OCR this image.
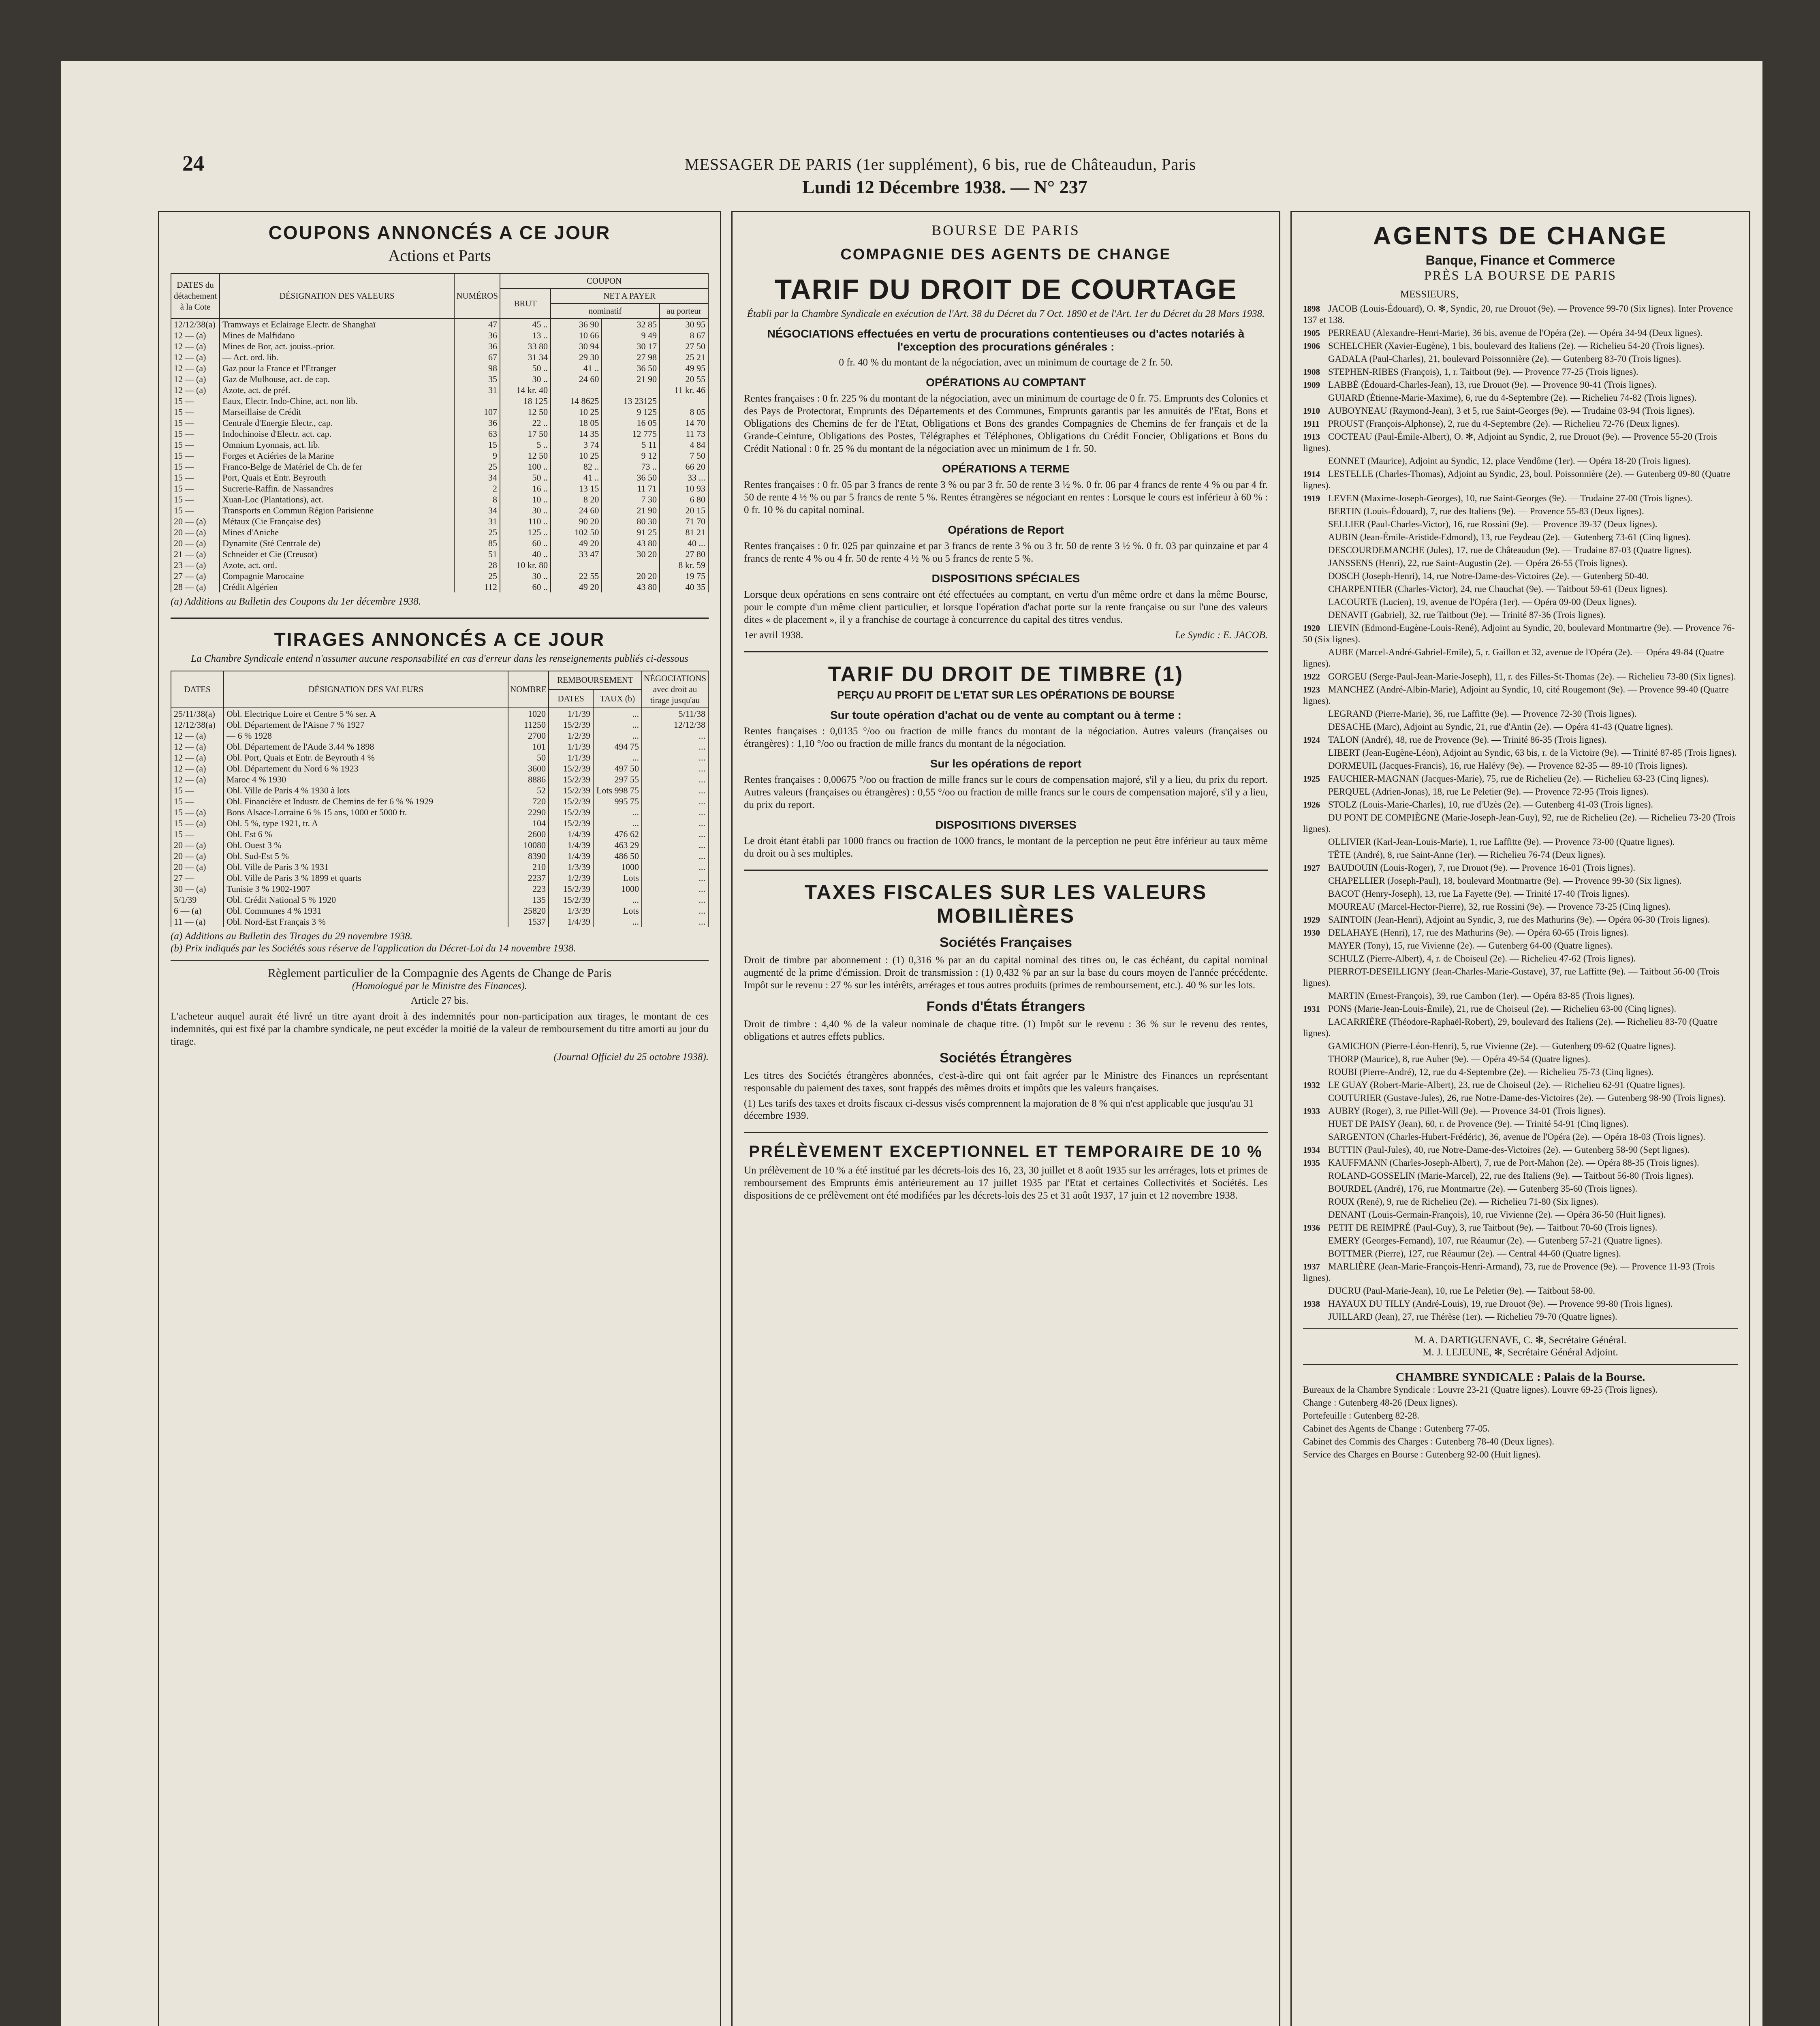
24	MESSAGER DE PARIS (1er supplément), 6 bis, rue de Châteaudun, Paris
Lundi 12 Décembre 1938. — N° 237
COUPONS ANNONCÉS A CE JOUR
Actions et Parts
DATES du détachement à la Cote	DÉSIGNATION DES VALEURS	NUMÉROS	COUPON			
			BRUT	NET A PAYER		
				nominatif		au porteur
12/12/38(a)	Tramways et Eclairage Electr. de Shanghaï	47	45 ..	36 90	32 85	30 95
12 — (a)	Mines de Malfidano	36	13 ..	10 66	9 49	8 67
12 — (a)	Mines de Bor, act. jouiss.-prior.	36	33 80	30 94	30 17	27 50
12 — (a)	— Act. ord. lib.	67	31 34	29 30	27 98	25 21
12 — (a)	Gaz pour la France et l'Etranger	98	50 ..	41 ..	36 50	49 95
12 — (a)	Gaz de Mulhouse, act. de cap.	35	30 ..	24 60	21 90	20 55
12 — (a)	Azote, act. de préf.	31	14 kr. 40			11 kr. 46
15 —	Eaux, Electr. Indo-Chine, act. non lib.		18 125	14 8625	13 23125	
15 —	Marseillaise de Crédit	107	12 50	10 25	9 125	8 05
15 —	Centrale d'Energie Electr., cap.	36	22 ..	18 05	16 05	14 70
15 —	Indochinoise d'Electr. act. cap.	63	17 50	14 35	12 775	11 73
15 —	Omnium Lyonnais, act. lib.	15	5 ..	3 74	5 11	4 84
15 —	Forges et Aciéries de la Marine	9	12 50	10 25	9 12	7 50
15 —	Franco-Belge de Matériel de Ch. de fer	25	100 ..	82 ..	73 ..	66 20
15 —	Port, Quais et Entr. Beyrouth	34	50 ..	41 ..	36 50	33 ...
15 —	Sucrerie-Raffin. de Nassandres	2	16 ..	13 15	11 71	10 93
15 —	Xuan-Loc (Plantations), act.	8	10 ..	8 20	7 30	6 80
15 —	Transports en Commun Région Parisienne	34	30 ..	24 60	21 90	20 15
20 — (a)	Métaux (Cie Française des)	31	110 ..	90 20	80 30	71 70
20 — (a)	Mines d'Aniche	25	125 ..	102 50	91 25	81 21
20 — (a)	Dynamite (Sté Centrale de)	85	60 ..	49 20	43 80	40 ...
21 — (a)	Schneider et Cie (Creusot)	51	40 ..	33 47	30 20	27 80
23 — (a)	Azote, act. ord.	28	10 kr. 80			8 kr. 59
27 — (a)	Compagnie Marocaine	25	30 ..	22 55	20 20	19 75
28 — (a)	Crédit Algérien	112	60 ..	49 20	43 80	40 35
(a) Additions au Bulletin des Coupons du 1er décembre 1938.
TIRAGES ANNONCÉS A CE JOUR
La Chambre Syndicale entend n'assumer aucune responsabilité en cas d'erreur dans les renseignements publiés ci-dessous
DATES	DÉSIGNATION DES VALEURS	NOMBRE	REMBOURSEMENT		NÉGOCIATIONS avec droit au tirage jusqu'au
			DATES	TAUX (b)	
25/11/38(a)	Obl. Electrique Loire et Centre 5 % ser. A	1020	1/1/39	...	5/11/38
12/12/38(a)	Obl. Département de l'Aisne 7 % 1927	11250	15/2/39	...	12/12/38
12 — (a)	— 6 % 1928	2700	1/2/39	...	...
12 — (a)	Obl. Département de l'Aude 3.44 % 1898	101	1/1/39	494 75	...
12 — (a)	Obl. Port, Quais et Entr. de Beyrouth 4 %	50	1/1/39	...	...
12 — (a)	Obl. Département du Nord 6 % 1923	3600	15/2/39	497 50	...
12 — (a)	Maroc 4 % 1930	8886	15/2/39	297 55	...
15 —	Obl. Ville de Paris 4 % 1930 à lots	52	15/2/39	Lots 998 75	...
15 —	Obl. Financière et Industr. de Chemins de fer 6 % % 1929	720	15/2/39	995 75	...
15 — (a)	Bons Alsace-Lorraine 6 % 15 ans, 1000 et 5000 fr.	2290	15/2/39	...	...
15 — (a)	Obl. 5 %, type 1921, tr. A	104	15/2/39	...	...
15 —	Obl. Est 6 %	2600	1/4/39	476 62	...
20 — (a)	Obl. Ouest 3 %	10080	1/4/39	463 29	...
20 — (a)	Obl. Sud-Est 5 %	8390	1/4/39	486 50	...
20 — (a)	Obl. Ville de Paris 3 % 1931	210	1/3/39	1000	...
27 —	Obl. Ville de Paris 3 % 1899 et quarts	2237	1/2/39	Lots	...
30 — (a)	Tunisie 3 % 1902-1907	223	15/2/39	1000	...
5/1/39	Obl. Crédit National 5 % 1920	135	15/2/39	...	...
6 — (a)	Obl. Communes 4 % 1931	25820	1/3/39	Lots	...
11 — (a)	Obl. Nord-Est Français 3 %	1537	1/4/39	...	...
(a) Additions au Bulletin des Tirages du 29 novembre 1938.
(b) Prix indiqués par les Sociétés sous réserve de l'application du Décret-Loi du 14 novembre 1938.
Règlement particulier de la Compagnie des Agents de Change de Paris
(Homologué par le Ministre des Finances).
Article 27 bis.
L'acheteur auquel aurait été livré un titre ayant droit à des indemnités pour non-participation aux tirages, le montant de ces indemnités, qui est fixé par la chambre syndicale, ne peut excéder la moitié de la valeur de remboursement du titre amorti au jour du tirage.
(Journal Officiel du 25 octobre 1938).
BOURSE DE PARIS
COMPAGNIE DES AGENTS DE CHANGE
TARIF DU DROIT DE COURTAGE
Établi par la Chambre Syndicale en exécution de l'Art. 38 du Décret du 7 Oct. 1890 et de l'Art. 1er du Décret du 28 Mars 1938.
NÉGOCIATIONS effectuées en vertu de procurations contentieuses ou d'actes notariés à l'exception des procurations générales :
0 fr. 40 % du montant de la négociation, avec un minimum de courtage de 2 fr. 50.
OPÉRATIONS AU COMPTANT
Rentes françaises : 0 fr. 225 % du montant de la négociation, avec un minimum de courtage de 0 fr. 75. Emprunts des Colonies et des Pays de Protectorat, Emprunts des Départements et des Communes, Emprunts garantis par les annuités de l'Etat, Bons et Obligations des Chemins de fer de l'Etat, Obligations et Bons des grandes Compagnies de Chemins de fer français et de la Grande-Ceinture, Obligations des Postes, Télégraphes et Téléphones, Obligations du Crédit Foncier, Obligations et Bons du Crédit National : 0 fr. 25 % du montant de la négociation avec un minimum de 1 fr. 50.
OPÉRATIONS A TERME
Rentes françaises : 0 fr. 05 par 3 francs de rente 3 % ou par 3 fr. 50 de rente 3 ½ %. 0 fr. 06 par 4 francs de rente 4 % ou par 4 fr. 50 de rente 4 ½ % ou par 5 francs de rente 5 %. Rentes étrangères se négociant en rentes : Lorsque le cours est inférieur à 60 % : 0 fr. 10 % du capital nominal.
Opérations de Report
Rentes françaises : 0 fr. 025 par quinzaine et par 3 francs de rente 3 % ou 3 fr. 50 de rente 3 ½ %. 0 fr. 03 par quinzaine et par 4 francs de rente 4 % ou 4 fr. 50 de rente 4 ½ % ou 5 francs de rente 5 %.
DISPOSITIONS SPÉCIALES
Lorsque deux opérations en sens contraire ont été effectuées au comptant, en vertu d'un même ordre et dans la même Bourse, pour le compte d'un même client particulier, et lorsque l'opération d'achat porte sur la rente française ou sur l'une des valeurs dites « de placement », il y a franchise de courtage à concurrence du capital des titres vendus.
1er avril 1938.	Le Syndic : E. JACOB.
TARIF DU DROIT DE TIMBRE (1)
PERÇU AU PROFIT DE L'ETAT SUR LES OPÉRATIONS DE BOURSE
Sur toute opération d'achat ou de vente au comptant ou à terme :
Rentes françaises : 0,0135 °/oo ou fraction de mille francs du montant de la négociation. Autres valeurs (françaises ou étrangères) : 1,10 °/oo ou fraction de mille francs du montant de la négociation.
Sur les opérations de report
Rentes françaises : 0,00675 °/oo ou fraction de mille francs sur le cours de compensation majoré, s'il y a lieu, du prix du report. Autres valeurs (françaises ou étrangères) : 0,55 °/oo ou fraction de mille francs sur le cours de compensation majoré, s'il y a lieu, du prix du report.
DISPOSITIONS DIVERSES
Le droit étant établi par 1000 francs ou fraction de 1000 francs, le montant de la perception ne peut être inférieur au taux même du droit ou à ses multiples.
TAXES FISCALES SUR LES VALEURS MOBILIÈRES
Sociétés Françaises
Droit de timbre par abonnement : (1) 0,316 % par an du capital nominal des titres ou, le cas échéant, du capital nominal augmenté de la prime d'émission. Droit de transmission : (1) 0,432 % par an sur la base du cours moyen de l'année précédente. Impôt sur le revenu : 27 % sur les intérêts, arrérages et tous autres produits (primes de remboursement, etc.). 40 % sur les lots.
Fonds d'États Étrangers
Droit de timbre : 4,40 % de la valeur nominale de chaque titre. (1) Impôt sur le revenu : 36 % sur le revenu des rentes, obligations et autres effets publics.
Sociétés Étrangères
Les titres des Sociétés étrangères abonnées, c'est-à-dire qui ont fait agréer par le Ministre des Finances un représentant responsable du paiement des taxes, sont frappés des mêmes droits et impôts que les valeurs françaises.
(1) Les tarifs des taxes et droits fiscaux ci-dessus visés comprennent la majoration de 8 % qui n'est applicable que jusqu'au 31 décembre 1939.
PRÉLÈVEMENT EXCEPTIONNEL ET TEMPORAIRE DE 10 %
Un prélèvement de 10 % a été institué par les décrets-lois des 16, 23, 30 juillet et 8 août 1935 sur les arrérages, lots et primes de remboursement des Emprunts émis antérieurement au 17 juillet 1935 par l'Etat et certaines Collectivités et Sociétés. Les dispositions de ce prélèvement ont été modifiées par les décrets-lois des 25 et 31 août 1937, 17 juin et 12 novembre 1938.
AGENTS DE CHANGE
Banque, Finance et Commerce
PRÈS LA BOURSE DE PARIS
MESSIEURS,
1898 JACOB (Louis-Édouard), O. ✻, Syndic, 20, rue Drouot (9e). — Provence 99-70 (Six lignes). Inter Provence 137 et 138.
1905 PERREAU (Alexandre-Henri-Marie), 36 bis, avenue de l'Opéra (2e). — Opéra 34-94 (Deux lignes).
1906 SCHELCHER (Xavier-Eugène), 1 bis, boulevard des Italiens (2e). — Richelieu 54-20 (Trois lignes).
GADALA (Paul-Charles), 21, boulevard Poissonnière (2e). — Gutenberg 83-70 (Trois lignes).
1908 STEPHEN-RIBES (François), 1, r. Taitbout (9e). — Provence 77-25 (Trois lignes).
1909 LABBÉ (Édouard-Charles-Jean), 13, rue Drouot (9e). — Provence 90-41 (Trois lignes).
GUIARD (Étienne-Marie-Maxime), 6, rue du 4-Septembre (2e). — Richelieu 74-82 (Trois lignes).
1910 AUBOYNEAU (Raymond-Jean), 3 et 5, rue Saint-Georges (9e). — Trudaine 03-94 (Trois lignes).
1911 PROUST (François-Alphonse), 2, rue du 4-Septembre (2e). — Richelieu 72-76 (Deux lignes).
1913 COCTEAU (Paul-Émile-Albert), O. ✻, Adjoint au Syndic, 2, rue Drouot (9e). — Provence 55-20 (Trois lignes).
EONNET (Maurice), Adjoint au Syndic, 12, place Vendôme (1er). — Opéra 18-20 (Trois lignes).
1914 LESTELLE (Charles-Thomas), Adjoint au Syndic, 23, boul. Poissonnière (2e). — Gutenberg 09-80 (Quatre lignes).
1919 LEVEN (Maxime-Joseph-Georges), 10, rue Saint-Georges (9e). — Trudaine 27-00 (Trois lignes).
BERTIN (Louis-Édouard), 7, rue des Italiens (9e). — Provence 55-83 (Deux lignes).
SELLIER (Paul-Charles-Victor), 16, rue Rossini (9e). — Provence 39-37 (Deux lignes).
AUBIN (Jean-Émile-Aristide-Edmond), 13, rue Feydeau (2e). — Gutenberg 73-61 (Cinq lignes).
DESCOURDEMANCHE (Jules), 17, rue de Châteaudun (9e). — Trudaine 87-03 (Quatre lignes).
JANSSENS (Henri), 22, rue Saint-Augustin (2e). — Opéra 26-55 (Trois lignes).
DOSCH (Joseph-Henri), 14, rue Notre-Dame-des-Victoires (2e). — Gutenberg 50-40.
CHARPENTIER (Charles-Victor), 24, rue Chauchat (9e). — Taitbout 59-61 (Deux lignes).
LACOURTE (Lucien), 19, avenue de l'Opéra (1er). — Opéra 09-00 (Deux lignes).
DENAVIT (Gabriel), 32, rue Taitbout (9e). — Trinité 87-36 (Trois lignes).
1920 LIEVIN (Edmond-Eugène-Louis-René), Adjoint au Syndic, 20, boulevard Montmartre (9e). — Provence 76-50 (Six lignes).
AUBE (Marcel-André-Gabriel-Emile), 5, r. Gaillon et 32, avenue de l'Opéra (2e). — Opéra 49-84 (Quatre lignes).
1922 GORGEU (Serge-Paul-Jean-Marie-Joseph), 11, r. des Filles-St-Thomas (2e). — Richelieu 73-80 (Six lignes).
1923 MANCHEZ (André-Albin-Marie), Adjoint au Syndic, 10, cité Rougemont (9e). — Provence 99-40 (Quatre lignes).
LEGRAND (Pierre-Marie), 36, rue Laffitte (9e). — Provence 72-30 (Trois lignes).
DESACHE (Marc), Adjoint au Syndic, 21, rue d'Antin (2e). — Opéra 41-43 (Quatre lignes).
1924 TALON (André), 48, rue de Provence (9e). — Trinité 86-35 (Trois lignes).
LIBERT (Jean-Eugène-Léon), Adjoint au Syndic, 63 bis, r. de la Victoire (9e). — Trinité 87-85 (Trois lignes).
DORMEUIL (Jacques-Francis), 16, rue Halévy (9e). — Provence 82-35 — 89-10 (Trois lignes).
1925 FAUCHIER-MAGNAN (Jacques-Marie), 75, rue de Richelieu (2e). — Richelieu 63-23 (Cinq lignes).
PERQUEL (Adrien-Jonas), 18, rue Le Peletier (9e). — Provence 72-95 (Trois lignes).
1926 STOLZ (Louis-Marie-Charles), 10, rue d'Uzès (2e). — Gutenberg 41-03 (Trois lignes).
DU PONT DE COMPIÈGNE (Marie-Joseph-Jean-Guy), 92, rue de Richelieu (2e). — Richelieu 73-20 (Trois lignes).
OLLIVIER (Karl-Jean-Louis-Marie), 1, rue Laffitte (9e). — Provence 73-00 (Quatre lignes).
TÊTE (André), 8, rue Saint-Anne (1er). — Richelieu 76-74 (Deux lignes).
1927 BAUDOUIN (Louis-Roger), 7, rue Drouot (9e). — Provence 16-01 (Trois lignes).
CHAPELLIER (Joseph-Paul), 18, boulevard Montmartre (9e). — Provence 99-30 (Six lignes).
BACOT (Henry-Joseph), 13, rue La Fayette (9e). — Trinité 17-40 (Trois lignes).
MOUREAU (Marcel-Hector-Pierre), 32, rue Rossini (9e). — Provence 73-25 (Cinq lignes).
1929 SAINTOIN (Jean-Henri), Adjoint au Syndic, 3, rue des Mathurins (9e). — Opéra 06-30 (Trois lignes).
1930 DELAHAYE (Henri), 17, rue des Mathurins (9e). — Opéra 60-65 (Trois lignes).
MAYER (Tony), 15, rue Vivienne (2e). — Gutenberg 64-00 (Quatre lignes).
SCHULZ (Pierre-Albert), 4, r. de Choiseul (2e). — Richelieu 47-62 (Trois lignes).
PIERROT-DESEILLIGNY (Jean-Charles-Marie-Gustave), 37, rue Laffitte (9e). — Taitbout 56-00 (Trois lignes).
MARTIN (Ernest-François), 39, rue Cambon (1er). — Opéra 83-85 (Trois lignes).
1931 PONS (Marie-Jean-Louis-Émile), 21, rue de Choiseul (2e). — Richelieu 63-00 (Cinq lignes).
LACARRIÈRE (Théodore-Raphaël-Robert), 29, boulevard des Italiens (2e). — Richelieu 83-70 (Quatre lignes).
GAMICHON (Pierre-Léon-Henri), 5, rue Vivienne (2e). — Gutenberg 09-62 (Quatre lignes).
THORP (Maurice), 8, rue Auber (9e). — Opéra 49-54 (Quatre lignes).
ROUBI (Pierre-André), 12, rue du 4-Septembre (2e). — Richelieu 75-73 (Cinq lignes).
1932 LE GUAY (Robert-Marie-Albert), 23, rue de Choiseul (2e). — Richelieu 62-91 (Quatre lignes).
COUTURIER (Gustave-Jules), 26, rue Notre-Dame-des-Victoires (2e). — Gutenberg 98-90 (Trois lignes).
1933 AUBRY (Roger), 3, rue Pillet-Will (9e). — Provence 34-01 (Trois lignes).
HUET DE PAISY (Jean), 60, r. de Provence (9e). — Trinité 54-91 (Cinq lignes).
SARGENTON (Charles-Hubert-Frédéric), 36, avenue de l'Opéra (2e). — Opéra 18-03 (Trois lignes).
1934 BUTTIN (Paul-Jules), 40, rue Notre-Dame-des-Victoires (2e). — Gutenberg 58-90 (Sept lignes).
1935 KAUFFMANN (Charles-Joseph-Albert), 7, rue de Port-Mahon (2e). — Opéra 88-35 (Trois lignes).
ROLAND-GOSSELIN (Marie-Marcel), 22, rue des Italiens (9e). — Taitbout 56-80 (Trois lignes).
BOURDEL (André), 176, rue Montmartre (2e). — Gutenberg 35-60 (Trois lignes).
ROUX (René), 9, rue de Richelieu (2e). — Richelieu 71-80 (Six lignes).
DENANT (Louis-Germain-François), 10, rue Vivienne (2e). — Opéra 36-50 (Huit lignes).
1936 PETIT DE REIMPRÉ (Paul-Guy), 3, rue Taitbout (9e). — Taitbout 70-60 (Trois lignes).
EMERY (Georges-Fernand), 107, rue Réaumur (2e). — Gutenberg 57-21 (Quatre lignes).
BOTTMER (Pierre), 127, rue Réaumur (2e). — Central 44-60 (Quatre lignes).
1937 MARLIÈRE (Jean-Marie-François-Henri-Armand), 73, rue de Provence (9e). — Provence 11-93 (Trois lignes).
DUCRU (Paul-Marie-Jean), 10, rue Le Peletier (9e). — Taitbout 58-00.
1938 HAYAUX DU TILLY (André-Louis), 19, rue Drouot (9e). — Provence 99-80 (Trois lignes).
JUILLARD (Jean), 27, rue Thérèse (1er). — Richelieu 79-70 (Quatre lignes).
M. A. DARTIGUENAVE, C. ✻, Secrétaire Général.
M. J. LEJEUNE, ✻, Secrétaire Général Adjoint.
CHAMBRE SYNDICALE : Palais de la Bourse.
Bureaux de la Chambre Syndicale : Louvre 23-21 (Quatre lignes). Louvre 69-25 (Trois lignes).
Change : Gutenberg 48-26 (Deux lignes).
Portefeuille : Gutenberg 82-28.
Cabinet des Agents de Change : Gutenberg 77-05.
Cabinet des Commis des Charges : Gutenberg 78-40 (Deux lignes).
Service des Charges en Bourse : Gutenberg 92-00 (Huit lignes).
